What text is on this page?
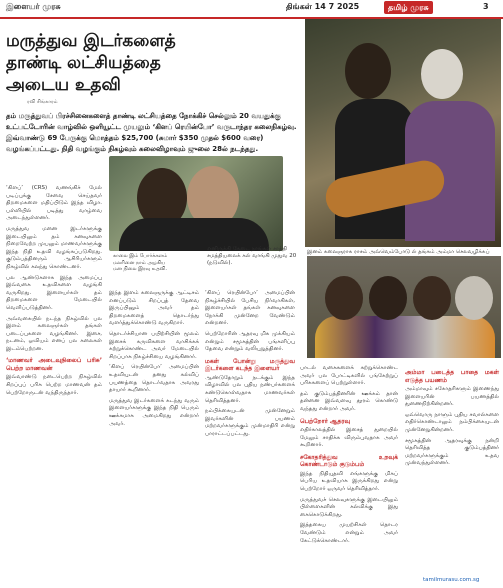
இளையர் முரசு	திங்கள் 14 7 2025	தமிழ் முரசு	3
மருத்துவ இடர்களைத் தாண்டி லட்சியத்தை அடைய உதவி
இனம் கலைஞராக ராசம் அவ்வெம்போடு ல் தங்கம் அம்மா செலவழிக்கப்
ரவி சிங்காரம்

தம் மருத்துவப் பிரச்சினைகளைத் தாண்டி லட்சியத்தை நோக்கிச் செல்லும் 20 வயதுக்கு உட்பட்டோரின் வாழ்வில் ஒளியூட்ட முயலும் ‘கிளப் ரெயின்போ’ வருடாந்தர கலைநிகழ்வு. இவ்வாண்டு 69 பேருக்கு மொத்தம் $25,700 (சுமார் $350 முதல் $600 வரை) வழங்கப்பட்டது. நிதி வழங்கும் நிகழ்வும் கலைவிழாவும் ஜுலை 28ல் நடந்தது.

‘கிளப்’ (CRS) வணங்கிச் மேல் படிப்புக்கு சேவை செய்தவர் திறமைகளை மதிப்பிடும் இந்த விழா. பள்ளியில் படித்து வாழ்வை அடைந்துள்ளனர்.

மருத்துவ மனை இடர்களுக்கு இடையிலும் தம் கனவுகளை நிறைவேற்ற முயலும் மாணவர்களுக்கு இந்த நிதி உதவி வழங்கப்படுகிறது. குடும்பத்தினரும் ஆசிரியர்களும் நிகழ்வில் கலந்து கொண்டனர்.

பல ஆண்டுகளாக இந்த அமைப்பு இவ்வகை உதவிகளை வழங்கி வருகிறது. இளையர்கள் தம் திறமைகளை மேடையில் வெளிப்படுத்தினர்.

அவ்வகையில் நடந்த நிகழ்வில் பல இளம் கலைஞர்கள் தங்கள் படைப்புகளை வழங்கினர். இசை, நடனம், ஓவியம் எனப் பல கலைகள் இடம்பெற்றன.

‘மாணவர் அடைவுநிலைப் பரிசு’ பெற்ற மாணவன்

இவ்வாண்டு நடைபெற்ற நிகழ்வில் சிறப்புப் பரிசு பெற்ற மாணவன் தம் பெற்றோருடன் வந்திருந்தார்.

காலை இம் போர்க்களம் மலரினை நாம் அழகிய மன நிலை இரவு உதவி.

இந்த இளம் கலைஞருக்கு ஆட்டிசம் எனப்படும் சிறப்புத் தேவை இருப்பினும் அவர் தம் திறமைகளைத் தொடர்ந்து வளர்த்துக்கொண்டு வருகிறார்.

தொடர்ச்சியான பயிற்சியின் மூலம் இசைக் கருவிகளை வாசிக்கக் கற்றுக்கொண்ட அவர் மேடையில் சிறப்பாக நிகழ்ச்சியை வழங்கினார்.

‘கிளப் ரெயின்போ’ அமைப்பின் உதவியுடன் தனது கல்விப் பயணத்தை தொடர்வதாக அவரது தாயார் கூறினார்.

மருத்துவ இடர்களைக் கடந்து வரும் இளையர்களுக்கு இந்த நிதி பெரும் ஊக்கமாக அமைகிறது என்றார் அவர்.

‘கிளப் ரெயின்போ’ அமைப்பின் நிகழ்ச்சியில் பேசிய நிர்வாகிகள், இளையர்கள் தங்கள் கனவுகளை நோக்கி முன்னேற வேண்டும் என்றனர்.

பெற்றோரின் ஆதரவு மிக முக்கியம் என்றும் சமூகத்தின் பங்களிப்பு தேவை என்றும் வலியுறுத்தினர்.

மகள் போன்று மருத்துவ இடர்களை கடந்த இளையர்

ஆண்டுதோறும் நடக்கும் இந்த விழாவில் பல புதிய நண்பர்களைக் கண்டுகொள்வதாக மாணவர்கள் தெரிவித்தனர்.

நம்பிக்கையுடன் முன்னேறும் இவர்களின் பயணம் மற்றவர்களுக்கும் முன்மாதிரி என்று பாராட்டப்பட்டது.

எனிருக்கி கேடை நாங்கள் சாத்தி சமத்தியலைக் கல் வாங்கி முதுவ 20 (நடுவில்).

பாடல் வகைகளைக் கற்றுக்கொண்ட அவர் பல போட்டிகளில் பங்கேற்றுப் பரிசுகளைப் பெற்றுள்ளார்.

தம் குடும்பத்தினரின் ஊக்கம் தான் தன்னை இவ்வளவு தூரம் கொண்டு வந்தது என்றார் அவர்.

பெற்றோர் ஆதரவு

எதிர்காலத்தில் இசைத் துறையில் மேலும் சாதிக்க விரும்புவதாக அவர் கூறினார்.

சகோதரித்துவ உறவுக் கொண்டாடும் குடும்பம்

இந்த நிதியுதவி எங்களுக்கு மிகப் பெரிய உதவியாக இருக்கிறது என்று பெற்றோர் ஒருவர் தெரிவித்தார்.

மருத்துவச் செலவுகளுக்கு இடையிலும் பிள்ளைகளின் கல்விக்கு இது கைகொடுக்கிறது.

இத்தகைய முயற்சிகள் தொடர வேண்டும் என்றும் அவர் கேட்டுக்கொண்டார்.

அம்மா படைத்த பாதை மகள் எடுத்த பயணம்

அம்மாவும் சகோதரிகளும் இணைந்து இளையரின் பயணத்தில் துணைநிற்கின்றனர்.

ஒவ்வொரு நாளும் புதிய சவால்களை எதிர்கொண்டாலும் நம்பிக்கையுடன் முன்னேறுகின்றனர்.

சமூகத்தின் ஆதரவுக்கு நன்றி தெரிவித்த குடும்பத்தினர் மற்றவர்களுக்கும் உதவ முன்வந்துள்ளனர்.

tamilmurasu.com.sg
